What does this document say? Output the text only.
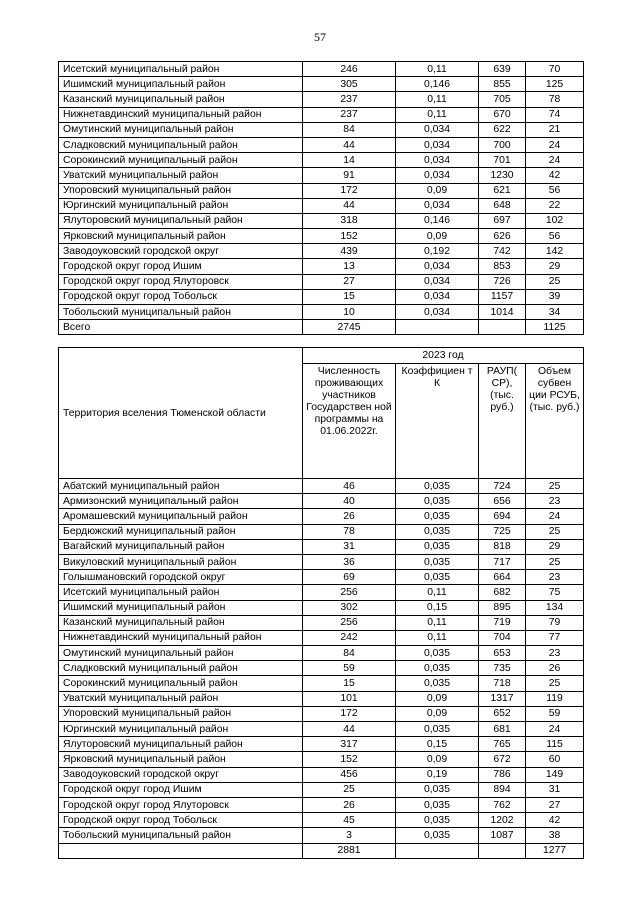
57
Исетский муниципальный район	246	0,11	639	70
Ишимский муниципальный район	305	0,146	855	125
Казанский муниципальный район	237	0,11	705	78
Нижнетавдинский муниципальный район	237	0,11	670	74
Омутинский муниципальный район	84	0,034	622	21
Сладковский муниципальный район	44	0,034	700	24
Сорокинский муниципальный район	14	0,034	701	24
Уватский муниципальный район	91	0,034	1230	42
Упоровский муниципальный район	172	0,09	621	56
Юргинский муниципальный район	44	0,034	648	22
Ялуторовский муниципальный район	318	0,146	697	102
Ярковский муниципальный район	152	0,09	626	56
Заводоуковский городской округ	439	0,192	742	142
Городской округ город Ишим	13	0,034	853	29
Городской округ город Ялуторовск	27	0,034	726	25
Городской округ город Тобольск	15	0,034	1157	39
Тобольский муниципальный район	10	0,034	1014	34
Всего	2745			1125
Территория вселения Тюменской области	2023 год			
	Численность проживающих участников Государствен ной программы на 01.06.2022г.	Коэффициен т К	РАУП( СР), (тыс. руб.)	Объем субвен ции РСУБ, (тыс. руб.)
Абатский муниципальный район	46	0,035	724	25
Армизонский муниципальный район	40	0,035	656	23
Аромашевский муниципальный район	26	0,035	694	24
Бердюжский муниципальный район	78	0,035	725	25
Вагайский муниципальный район	31	0,035	818	29
Викуловский муниципальный район	36	0,035	717	25
Голышмановский городской округ	69	0,035	664	23
Исетский муниципальный район	256	0,11	682	75
Ишимский муниципальный район	302	0,15	895	134
Казанский муниципальный район	256	0,11	719	79
Нижнетавдинский муниципальный район	242	0,11	704	77
Омутинский муниципальный район	84	0,035	653	23
Сладковский муниципальный район	59	0,035	735	26
Сорокинский муниципальный район	15	0,035	718	25
Уватский муниципальный район	101	0,09	1317	119
Упоровский муниципальный район	172	0,09	652	59
Юргинский муниципальный район	44	0,035	681	24
Ялуторовский муниципальный район	317	0,15	765	115
Ярковский муниципальный район	152	0,09	672	60
Заводоуковский городской округ	456	0,19	786	149
Городской округ город Ишим	25	0,035	894	31
Городской округ город Ялуторовск	26	0,035	762	27
Городской округ город Тобольск	45	0,035	1202	42
Тобольский муниципальный район	3	0,035	1087	38
	2881			1277
